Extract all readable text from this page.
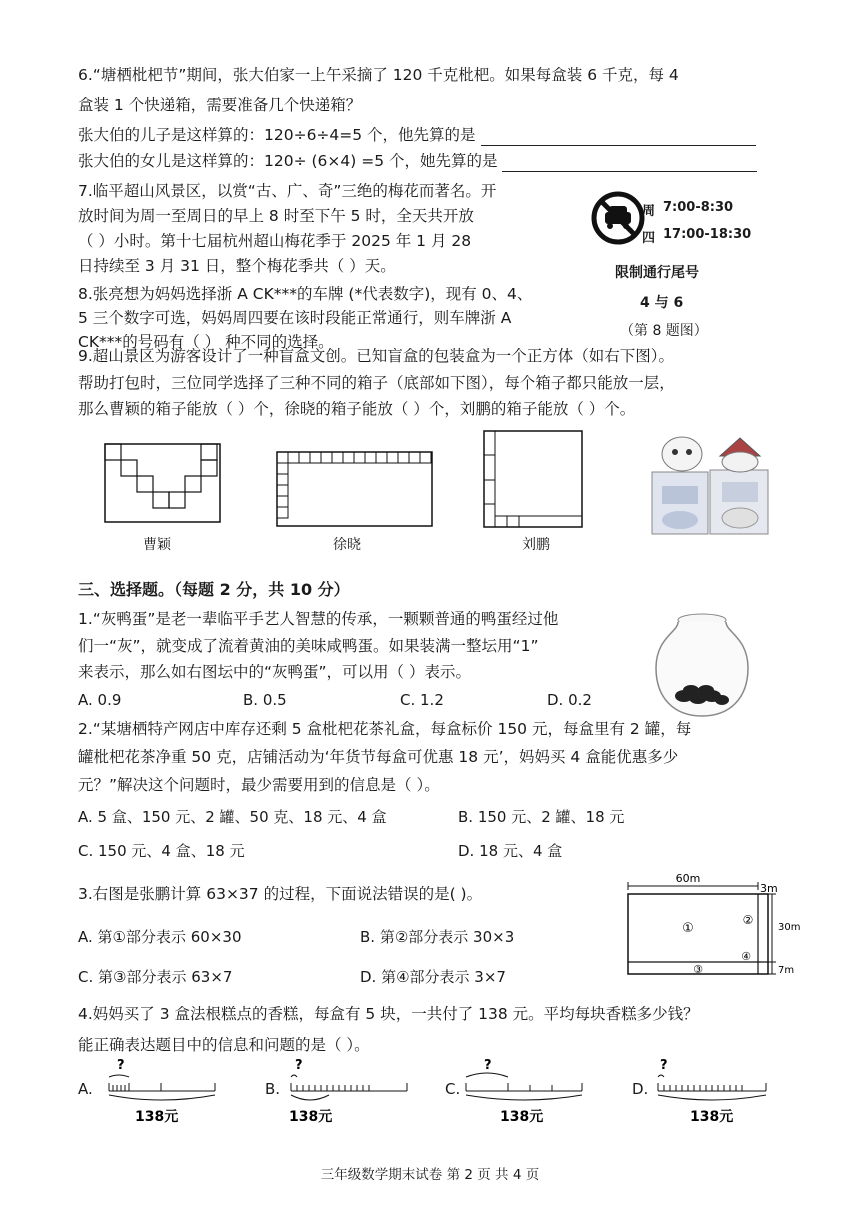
6.“塘栖枇杷节”期间，张大伯家一上午采摘了 120 千克枇杷。如果每盒装 6 千克，每 4
盒装 1 个快递箱，需要准备几个快递箱？
张大伯的儿子是这样算的：120÷6÷4=5 个，他先算的是
张大伯的女儿是这样算的：120÷ (6×4) =5 个，她先算的是
7.临平超山风景区，以赏“古、广、奇”三绝的梅花而著名。开
放时间为周一至周日的早上 8 时至下午 5 时，全天共开放
（ ）小时。第十七届杭州超山梅花季于 2025 年 1 月 28
日持续至 3 月 31 日，整个梅花季共（ ）天。
8.张亮想为妈妈选择浙 A CK***的车牌 (*代表数字)，现有 0、4、
5 三个数字可选，妈妈周四要在该时段能正常通行，则车牌浙 A
CK***的号码有（ ） 种不同的选择。
周
四
7:00-8:30
17:00-18:30
限制通行尾号
4 与 6
（第 8 题图）
9.超山景区为游客设计了一种盲盒文创。已知盲盒的包装盒为一个正方体（如右下图）。
帮助打包时，三位同学选择了三种不同的箱子（底部如下图），每个箱子都只能放一层，
那么曹颖的箱子能放（ ）个，徐晓的箱子能放（ ）个，刘鹏的箱子能放（ ）个。
曹颖	徐晓	刘鹏
三、选择题。（每题 2 分，共 10 分）
1.“灰鸭蛋”是老一辈临平手艺人智慧的传承，一颗颗普通的鸭蛋经过他
们一“灰”，就变成了流着黄油的美味咸鸭蛋。如果装满一整坛用“1”
来表示，那么如右图坛中的“灰鸭蛋”，可以用（ ）表示。
A. 0.9	B. 0.5	C. 1.2	D. 0.2
2.“某塘栖特产网店中库存还剩 5 盒枇杷花茶礼盒，每盒标价 150 元，每盒里有 2 罐，每
罐枇杷花茶净重 50 克，店铺活动为‘年货节每盒可优惠 18 元’，妈妈买 4 盒能优惠多少
元？”解决这个问题时，最少需要用到的信息是（ ）。
A. 5 盒、150 元、2 罐、50 克、18 元、4 盒	B. 150 元、2 罐、18 元
C. 150 元、4 盒、18 元	D. 18 元、4 盒
3.右图是张鹏计算 63×37 的过程，下面说法错误的是( )。
A. 第①部分表示 60×30	B. 第②部分表示 30×3
C. 第③部分表示 63×7	D. 第④部分表示 3×7
60m
3m
30m
7m
①
②
③
④
4.妈妈买了 3 盒法根糕点的香糕，每盒有 5 块，一共付了 138 元。平均每块香糕多少钱？
能正确表达题目中的信息和问题的是（ ）。
A.	B.	C.	D.
?
138元
?
138元
?
138元
?
138元
三年级数学期末试卷 第 2 页 共 4 页
